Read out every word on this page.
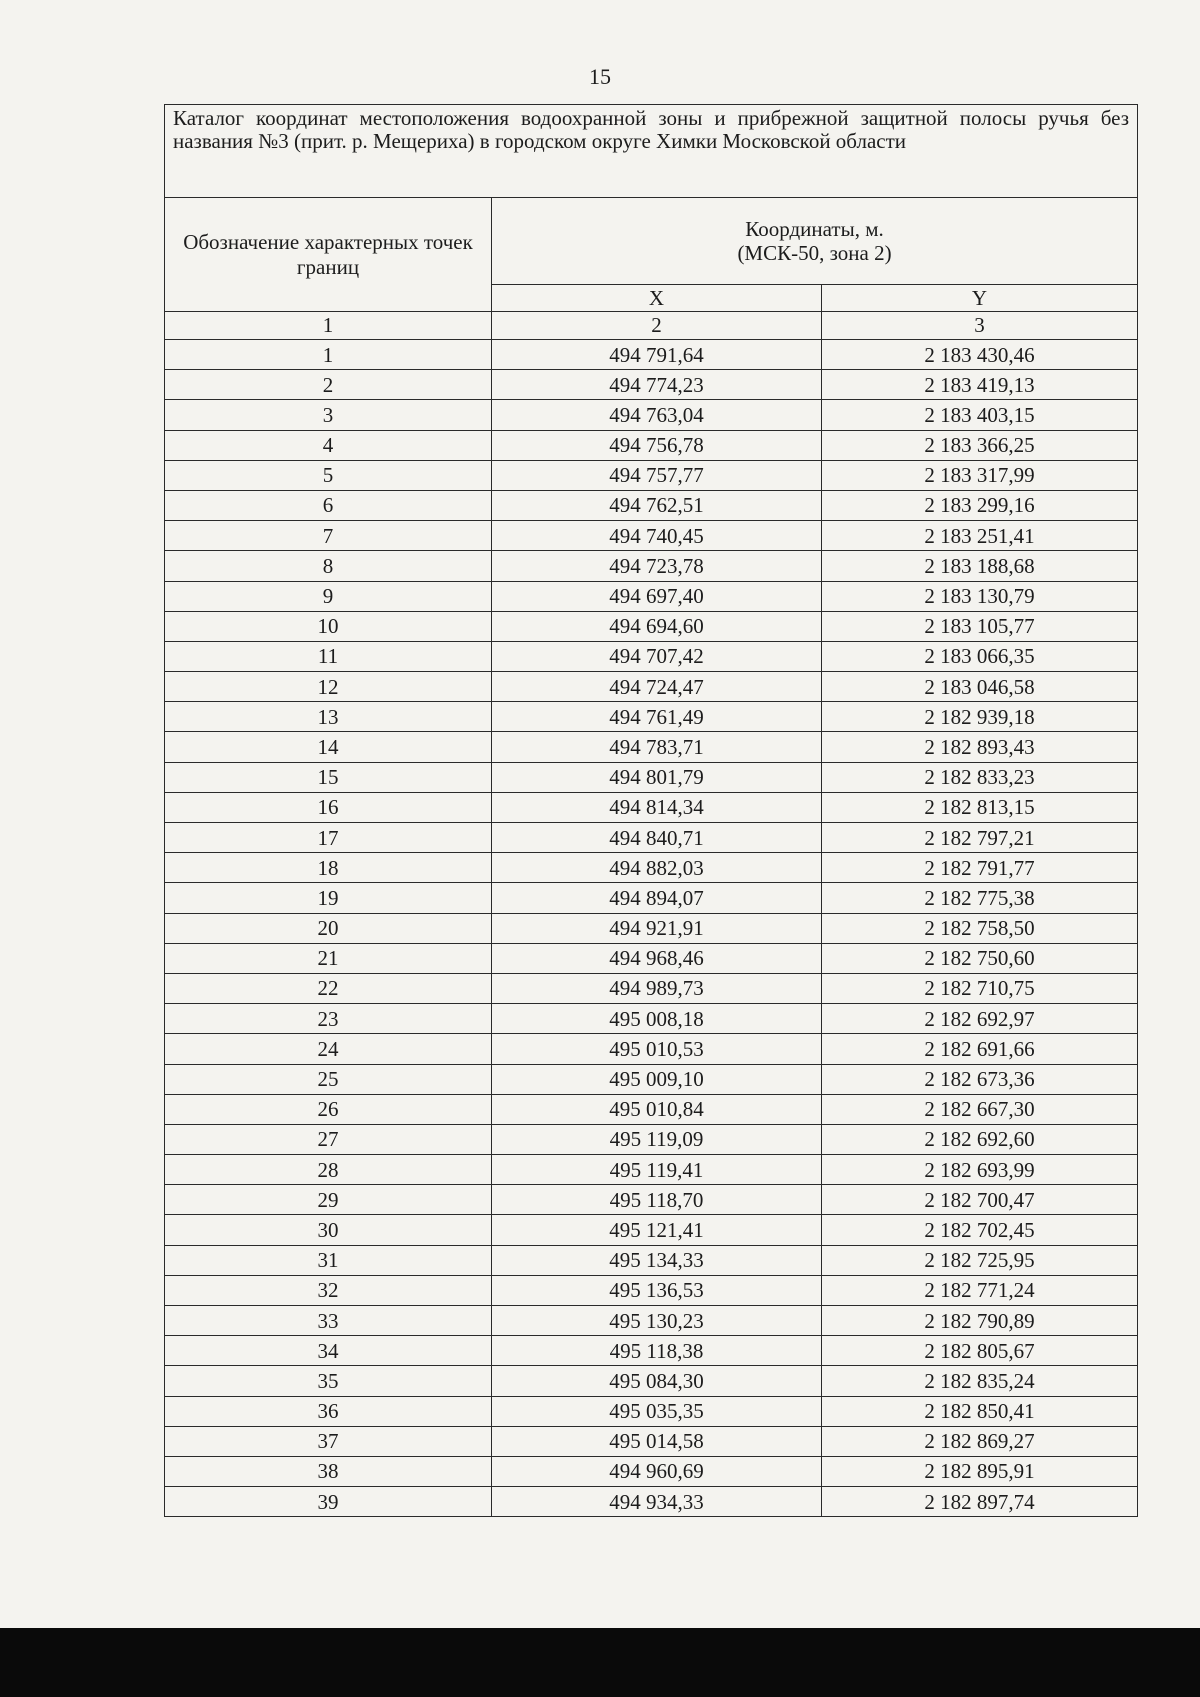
15
Каталог координат местоположения водоохранной зоны и прибрежной защитной полосы ручья без названия №3 (прит. р. Мещериха) в городском округе Химки Московской области		
Обозначение характерных точек границ	Координаты, м.
(МСК-50, зона 2)	

	X	Y
1	2	3
1	494 791,64	2 183 430,46
2	494 774,23	2 183 419,13
3	494 763,04	2 183 403,15
4	494 756,78	2 183 366,25
5	494 757,77	2 183 317,99
6	494 762,51	2 183 299,16
7	494 740,45	2 183 251,41
8	494 723,78	2 183 188,68
9	494 697,40	2 183 130,79
10	494 694,60	2 183 105,77
11	494 707,42	2 183 066,35
12	494 724,47	2 183 046,58
13	494 761,49	2 182 939,18
14	494 783,71	2 182 893,43
15	494 801,79	2 182 833,23
16	494 814,34	2 182 813,15
17	494 840,71	2 182 797,21
18	494 882,03	2 182 791,77
19	494 894,07	2 182 775,38
20	494 921,91	2 182 758,50
21	494 968,46	2 182 750,60
22	494 989,73	2 182 710,75
23	495 008,18	2 182 692,97
24	495 010,53	2 182 691,66
25	495 009,10	2 182 673,36
26	495 010,84	2 182 667,30
27	495 119,09	2 182 692,60
28	495 119,41	2 182 693,99
29	495 118,70	2 182 700,47
30	495 121,41	2 182 702,45
31	495 134,33	2 182 725,95
32	495 136,53	2 182 771,24
33	495 130,23	2 182 790,89
34	495 118,38	2 182 805,67
35	495 084,30	2 182 835,24
36	495 035,35	2 182 850,41
37	495 014,58	2 182 869,27
38	494 960,69	2 182 895,91
39	494 934,33	2 182 897,74
